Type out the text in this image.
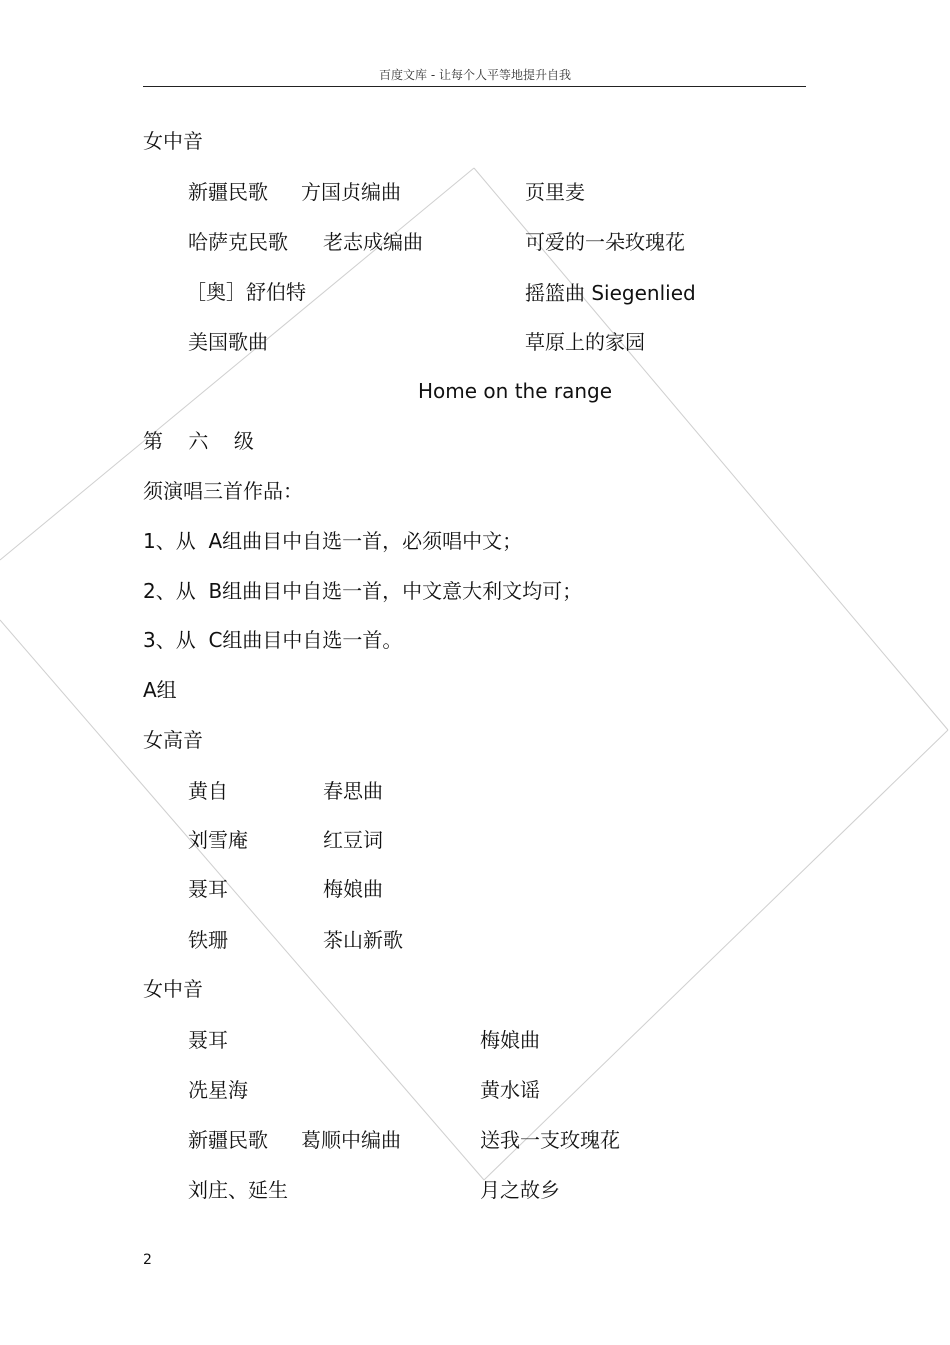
百度文库 - 让每个人平等地提升自我
女中音
新疆民歌 方国贞编曲	页里麦
哈萨克民歌 老志成编曲	可爱的一朵玫瑰花
［奥］舒伯特	摇篮曲 Siegenlied
美国歌曲	草原上的家园
Home on the range
第    六    级
须演唱三首作品：
1、从  A组曲目中自选一首，必须唱中文；
2、从  B组曲目中自选一首，中文意大利文均可；
3、从  C组曲目中自选一首。
A组
女高音
黄自	春思曲
刘雪庵	红豆词
聂耳	梅娘曲
铁珊	茶山新歌
女中音
聂耳	梅娘曲
冼星海	黄水谣
新疆民歌 葛顺中编曲	送我一支玫瑰花
刘庄、延生	月之故乡
2
